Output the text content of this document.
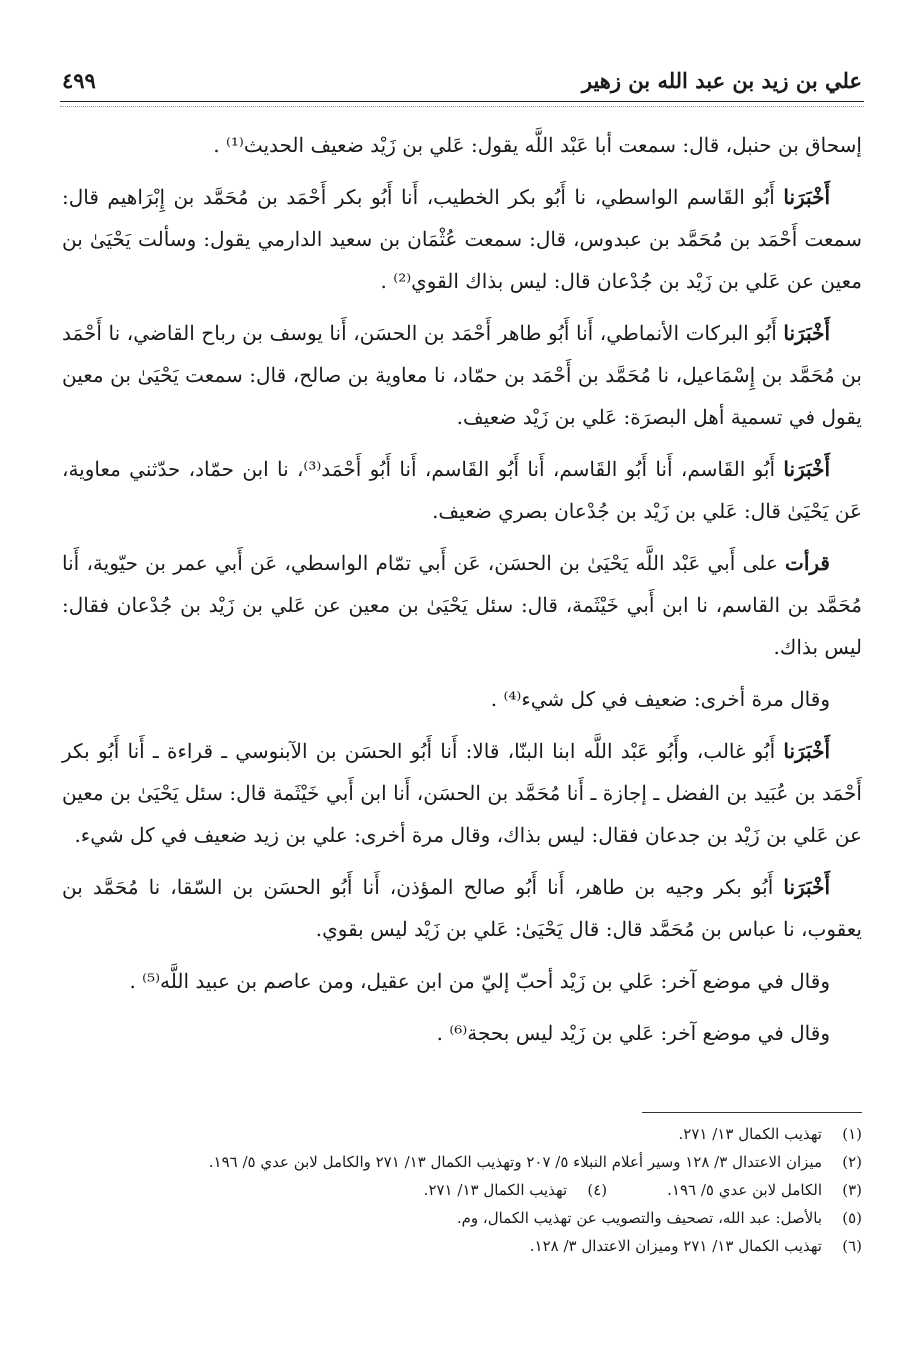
علي بن زيد بن عبد الله بن زهير
٤٩٩

إسحاق بن حنبل، قال: سمعت أبا عَبْد اللَّه يقول: عَلي بن زَيْد ضعيف الحديث⁽¹⁾ .

أَخْبَرَنا أَبُو القَاسم الواسطي، نا أَبُو بكر الخطيب، أَنا أَبُو بكر أَحْمَد بن مُحَمَّد بن إِبْرَاهيم قال: سمعت أَحْمَد بن مُحَمَّد بن عبدوس، قال: سمعت عُثْمَان بن سعيد الدارمي يقول: وسألت يَحْيَىٰ بن معين عن عَلي بن زَيْد بن جُدْعان قال: ليس بذاك القوي⁽²⁾ .

أَخْبَرَنا أَبُو البركات الأنماطي، أَنا أَبُو طاهر أَحْمَد بن الحسَن، أَنا يوسف بن رباح القاضي، نا أَحْمَد بن مُحَمَّد بن إِسْمَاعيل، نا مُحَمَّد بن أَحْمَد بن حمّاد، نا معاوية بن صالح، قال: سمعت يَحْيَىٰ بن معين يقول في تسمية أهل البصرَة: عَلي بن زَيْد ضعيف.

أَخْبَرَنا أَبُو القَاسم، أَنا أَبُو القَاسم، أَنا أَبُو القَاسم، أَنا أَبُو أَحْمَد⁽³⁾، نا ابن حمّاد، حدّثني معاوية، عَن يَحْيَىٰ قال: عَلي بن زَيْد بن جُدْعان بصري ضعيف.

قرأت على أَبي عَبْد اللَّه يَحْيَىٰ بن الحسَن، عَن أَبي تمّام الواسطي، عَن أَبي عمر بن حيّوية، أَنا مُحَمَّد بن القاسم، نا ابن أَبي خَيْثَمة، قال: سئل يَحْيَىٰ بن معين عن عَلي بن زَيْد بن جُدْعان فقال: ليس بذاك.

وقال مرة أخرى: ضعيف في كل شيء⁽⁴⁾ .

أَخْبَرَنا أَبُو غالب، وأَبُو عَبْد اللَّه ابنا البنّا، قالا: أَنا أَبُو الحسَن بن الآبنوسي ـ قراءة ـ أَنا أَبُو بكر أَحْمَد بن عُبَيد بن الفضل ـ إجازة ـ أَنا مُحَمَّد بن الحسَن، أَنا ابن أَبي خَيْثَمة قال: سئل يَحْيَىٰ بن معين عن عَلي بن زَيْد بن جدعان فقال: ليس بذاك، وقال مرة أخرى: علي بن زيد ضعيف في كل شيء.

أَخْبَرَنا أَبُو بكر وجيه بن طاهر، أَنا أَبُو صالح المؤذن، أَنا أَبُو الحسَن بن السّقا، نا مُحَمَّد بن يعقوب، نا عباس بن مُحَمَّد قال: قال يَحْيَىٰ: عَلي بن زَيْد ليس بقوي.

وقال في موضع آخر: عَلي بن زَيْد أحبّ إليّ من ابن عقيل، ومن عاصم بن عبيد اللَّه⁽⁵⁾ .

وقال في موضع آخر: عَلي بن زَيْد ليس بحجة⁽⁶⁾ .

(١)
تهذيب الكمال ١٣/ ٢٧١.
(٢)
ميزان الاعتدال ٣/ ١٢٨ وسير أعلام النبلاء ٥/ ٢٠٧ وتهذيب الكمال ١٣/ ٢٧١ والكامل لابن عدي ٥/ ١٩٦.
(٣)
الكامل لابن عدي ٥/ ١٩٦.
(٤)
تهذيب الكمال ١٣/ ٢٧١.
(٥)
بالأصل: عبد الله، تصحيف والتصويب عن تهذيب الكمال، وم.
(٦)
تهذيب الكمال ١٣/ ٢٧١ وميزان الاعتدال ٣/ ١٢٨.
